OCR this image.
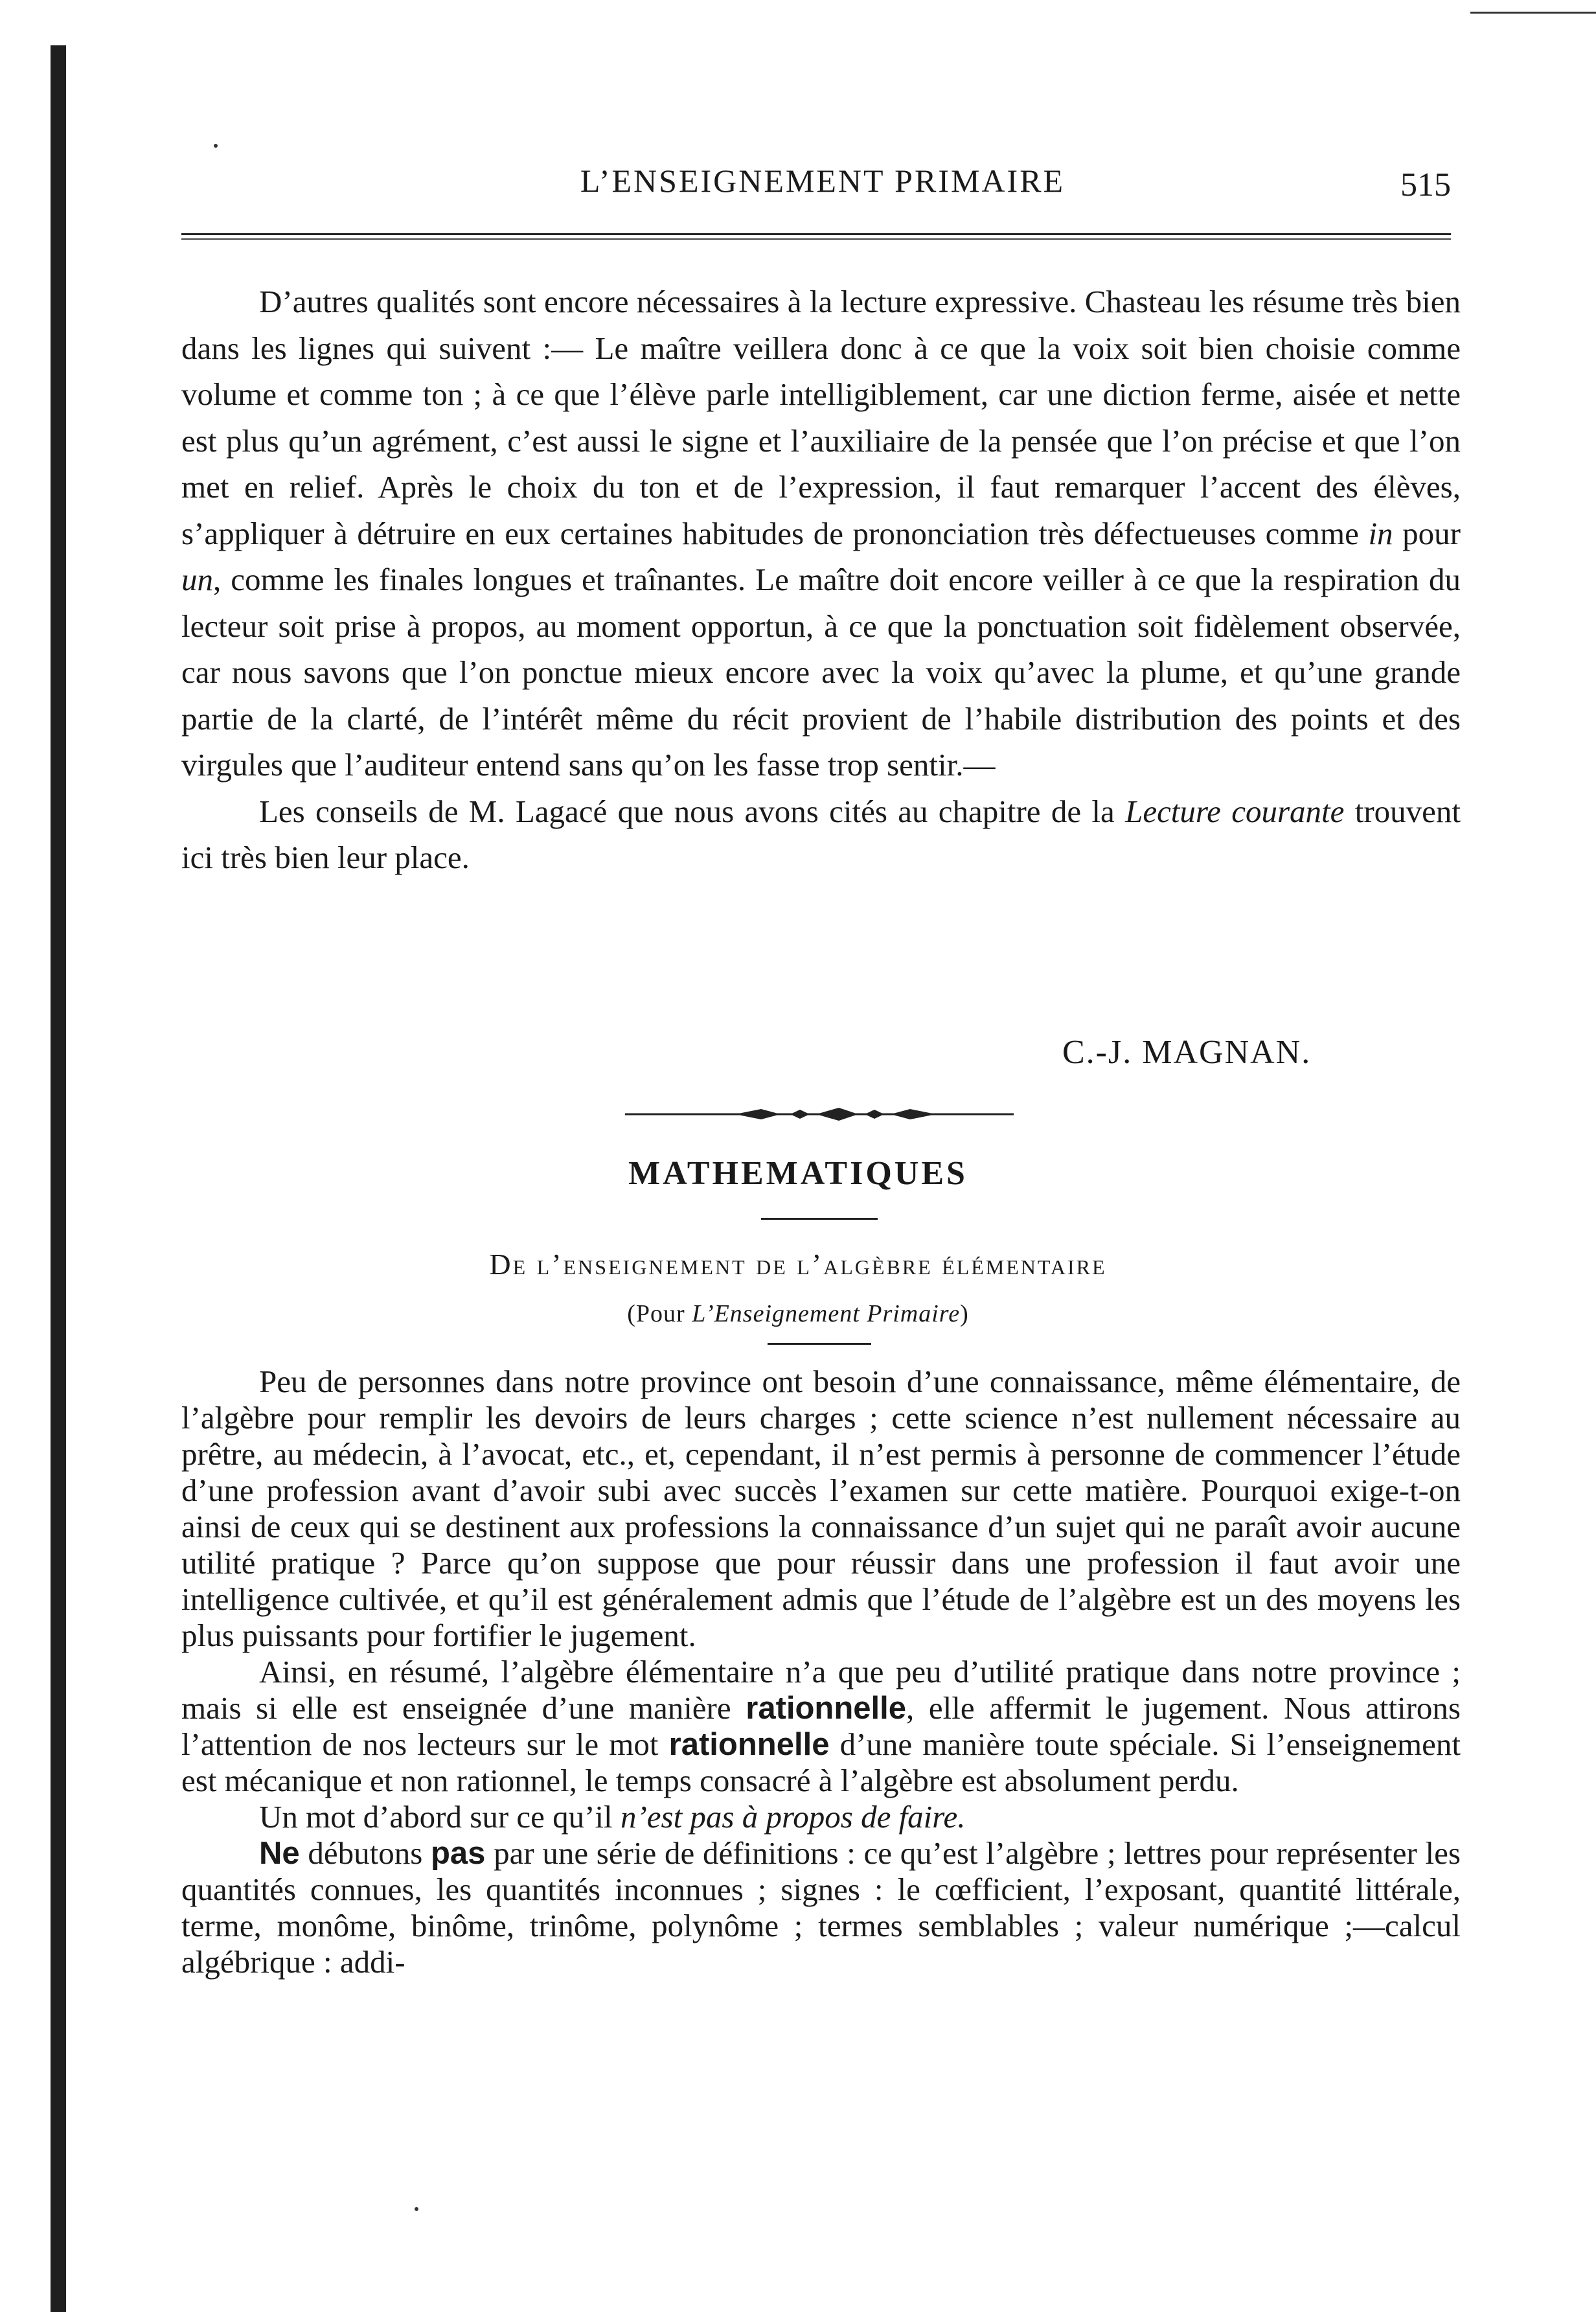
L’ENSEIGNEMENT PRIMAIRE	515

D’autres qualités sont encore nécessaires à la lecture expressive. Chasteau les résume très bien dans les lignes qui suivent :— Le maître veillera donc à ce que la voix soit bien choisie comme volume et comme ton ; à ce que l’élève parle intelligiblement, car une diction ferme, aisée et nette est plus qu’un agrément, c’est aussi le signe et l’auxiliaire de la pensée que l’on précise et que l’on met en relief. Après le choix du ton et de l’expression, il faut remarquer l’accent des élèves, s’appliquer à détruire en eux certaines habitudes de prononciation très défectueuses comme in pour un, comme les finales longues et traînantes. Le maître doit encore veiller à ce que la respiration du lecteur soit prise à propos, au moment opportun, à ce que la ponctuation soit fidèlement observée, car nous savons que l’on ponctue mieux encore avec la voix qu’avec la plume, et qu’une grande partie de la clarté, de l’intérêt même du récit provient de l’habile distribution des points et des virgules que l’auditeur entend sans qu’on les fasse trop sentir.—

Les conseils de M. Lagacé que nous avons cités au chapitre de la Lecture courante trouvent ici très bien leur place.

C.-J. MAGNAN.
MATHEMATIQUES
De l’enseignement de l’algèbre élémentaire
(Pour L’Enseignement Primaire)

Peu de personnes dans notre province ont besoin d’une connaissance, même élémentaire, de l’algèbre pour remplir les devoirs de leurs charges ; cette science n’est nullement nécessaire au prêtre, au médecin, à l’avocat, etc., et, cependant, il n’est permis à personne de commencer l’étude d’une profession avant d’avoir subi avec succès l’examen sur cette matière. Pourquoi exige-t-on ainsi de ceux qui se destinent aux professions la connaissance d’un sujet qui ne paraît avoir aucune utilité pratique ? Parce qu’on suppose que pour réussir dans une profession il faut avoir une intelligence cultivée, et qu’il est généralement admis que l’étude de l’algèbre est un des moyens les plus puissants pour fortifier le jugement.

Ainsi, en résumé, l’algèbre élémentaire n’a que peu d’utilité pratique dans notre province ; mais si elle est enseignée d’une manière rationnelle, elle affermit le jugement. Nous attirons l’attention de nos lecteurs sur le mot rationnelle d’une manière toute spéciale. Si l’enseignement est mécanique et non rationnel, le temps consacré à l’algèbre est absolument perdu.

Un mot d’abord sur ce qu’il n’est pas à propos de faire.

Ne débutons pas par une série de définitions : ce qu’est l’algèbre ; lettres pour représenter les quantités connues, les quantités inconnues ; signes : le cœfficient, l’exposant, quantité littérale, terme, monôme, binôme, trinôme, polynôme ; termes semblables ; valeur numérique ;—calcul algébrique : addi-
